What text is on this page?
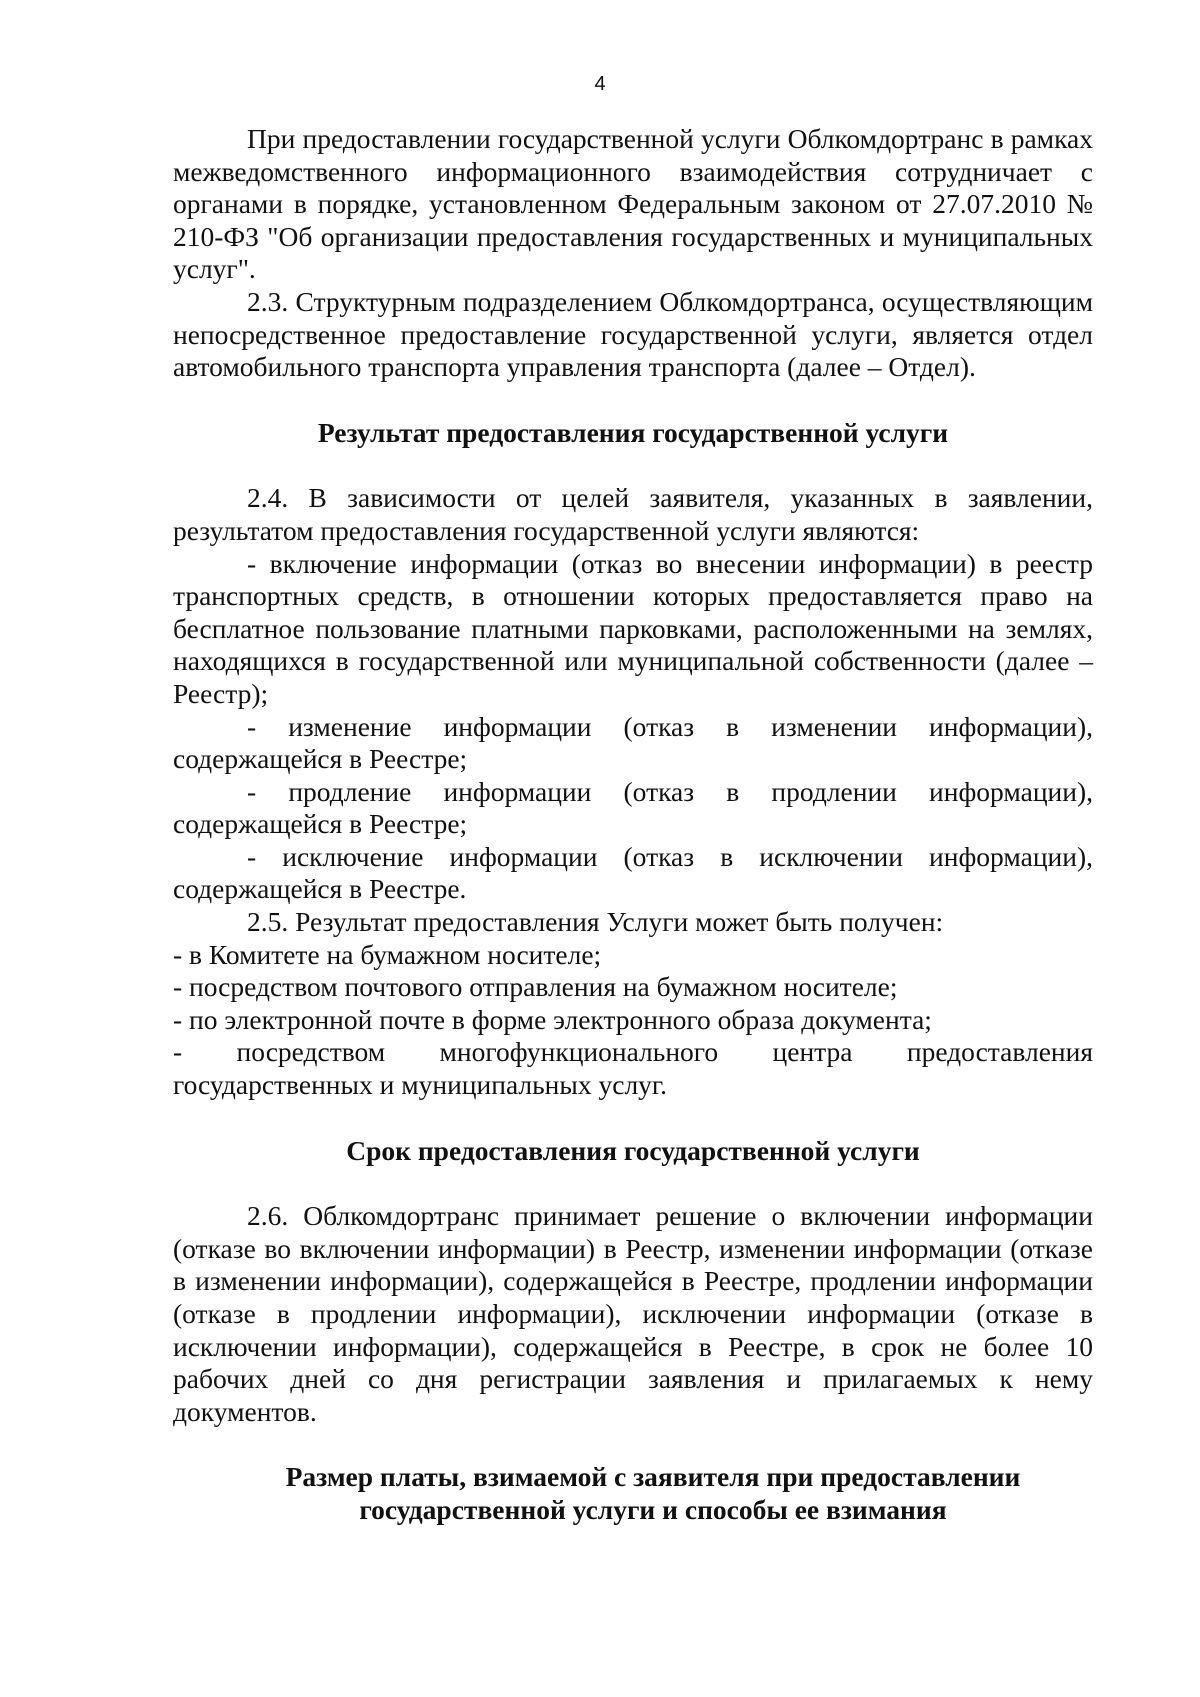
4

При предоставлении государственной услуги Облкомдортранс в рамках межведомственного информационного взаимодействия сотрудничает с органами в порядке, установленном Федеральным законом от 27.07.2010 № 210-ФЗ "Об организации предоставления государственных и муниципальных услуг".

2.3. Структурным подразделением Облкомдортранса, осуществляющим непосредственное предоставление государственной услуги, является отдел автомобильного транспорта управления транспорта (далее – Отдел).

Результат предоставления государственной услуги

2.4. В зависимости от целей заявителя, указанных в заявлении, результатом предоставления государственной услуги являются:

- включение информации (отказ во внесении информации) в реестр транспортных средств, в отношении которых предоставляется право на бесплатное пользование платными парковками, расположенными на землях, находящихся в государственной или муниципальной собственности (далее – Реестр);

- изменение информации (отказ в изменении информации), содержащейся в Реестре;

- продление информации (отказ в продлении информации), содержащейся в Реестре;

- исключение информации (отказ в исключении информации), содержащейся в Реестре.

2.5. Результат предоставления Услуги может быть получен:

- в Комитете на бумажном носителе;

- посредством почтового отправления на бумажном носителе;

- по электронной почте в форме электронного образа документа;

- посредством многофункционального центра предоставления государственных и муниципальных услуг.

Срок предоставления государственной услуги

2.6. Облкомдортранс принимает решение о включении информации (отказе во включении информации) в Реестр, изменении информации (отказе в изменении информации), содержащейся в Реестре, продлении информации (отказе в продлении информации), исключении информации (отказе в исключении информации), содержащейся в Реестре, в срок не более 10 рабочих дней со дня регистрации заявления и прилагаемых к нему документов.

Размер платы, взимаемой с заявителя при предоставлении
государственной услуги и способы ее взимания
